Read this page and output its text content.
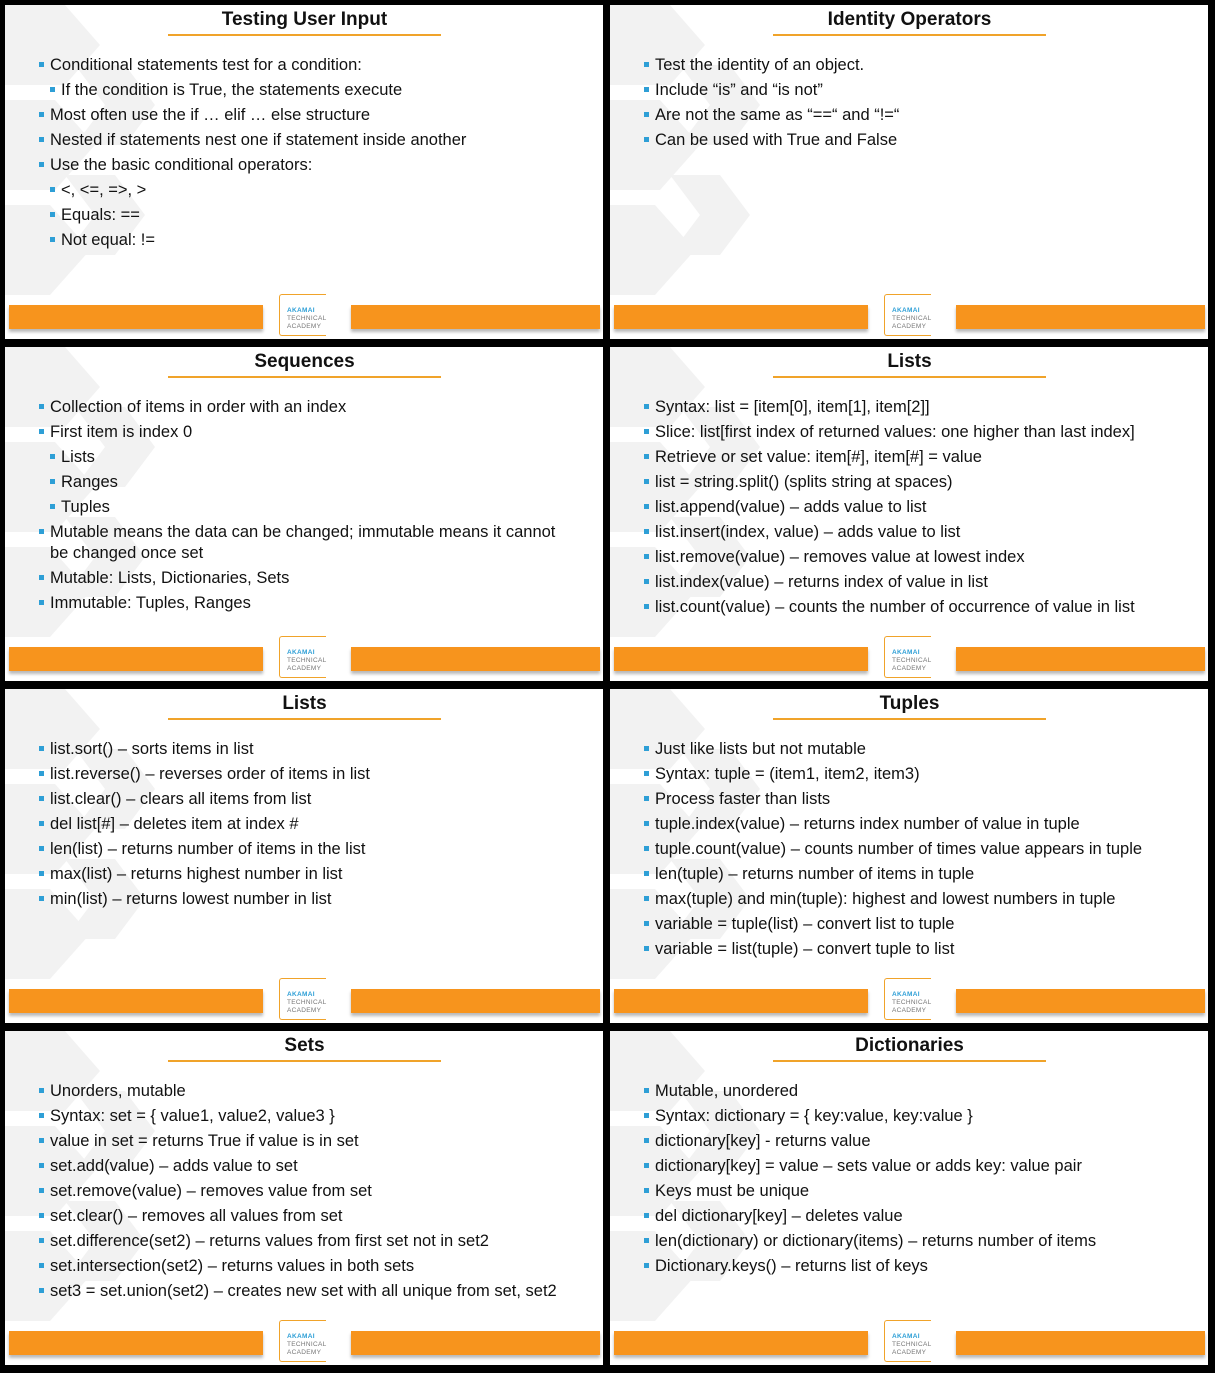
Testing User Input
Conditional statements test for a condition:
If the condition is True, the statements execute
Most often use the if … elif … else structure
Nested if statements nest one if statement inside another
Use the basic conditional operators:
<, <=, =>, >
Equals: ==
Not equal: !=
AKAMAI
TECHNICAL
ACADEMY
Identity Operators
Test the identity of an object.
Include “is” and “is not”
Are not the same as “==“ and “!=“
Can be used with True and False
AKAMAI
TECHNICAL
ACADEMY
Sequences
Collection of items in order with an index
First item is index 0
Lists
Ranges
Tuples
Mutable means the data can be changed; immutable means it cannot be changed once set
Mutable: Lists, Dictionaries, Sets
Immutable: Tuples, Ranges
AKAMAI
TECHNICAL
ACADEMY
Lists
Syntax: list = [item[0], item[1], item[2]]
Slice: list[first index of returned values: one higher than last index]
Retrieve or set value: item[#], item[#] = value
list = string.split() (splits string at spaces)
list.append(value) – adds value to list
list.insert(index, value) – adds value to list
list.remove(value) – removes value at lowest index
list.index(value) – returns index of value in list
list.count(value) – counts the number of occurrence of value in list
AKAMAI
TECHNICAL
ACADEMY
Lists
list.sort() – sorts items in list
list.reverse() – reverses order of items in list
list.clear() – clears all items from list
del list[#] – deletes item at index #
len(list) – returns number of items in the list
max(list) – returns highest number in list
min(list) – returns lowest number in list
AKAMAI
TECHNICAL
ACADEMY
Tuples
Just like lists but not mutable
Syntax: tuple = (item1, item2, item3)
Process faster than lists
tuple.index(value) – returns index number of value in tuple
tuple.count(value) – counts number of times value appears in tuple
len(tuple) – returns number of items in tuple
max(tuple) and min(tuple): highest and lowest numbers in tuple
variable = tuple(list) – convert list to tuple
variable = list(tuple) – convert tuple to list
AKAMAI
TECHNICAL
ACADEMY
Sets
Unorders, mutable
Syntax: set = { value1, value2, value3 }
value in set = returns True if value is in set
set.add(value) – adds value to set
set.remove(value) – removes value from set
set.clear() – removes all values from set
set.difference(set2) – returns values from first set not in set2
set.intersection(set2) – returns values in both sets
set3 = set.union(set2) – creates new set with all unique from set, set2
AKAMAI
TECHNICAL
ACADEMY
Dictionaries
Mutable, unordered
Syntax: dictionary = { key:value, key:value }
dictionary[key] - returns value
dictionary[key] = value – sets value or adds key: value pair
Keys must be unique
del dictionary[key] – deletes value
len(dictionary) or dictionary(items) – returns number of items
Dictionary.keys() – returns list of keys
AKAMAI
TECHNICAL
ACADEMY
